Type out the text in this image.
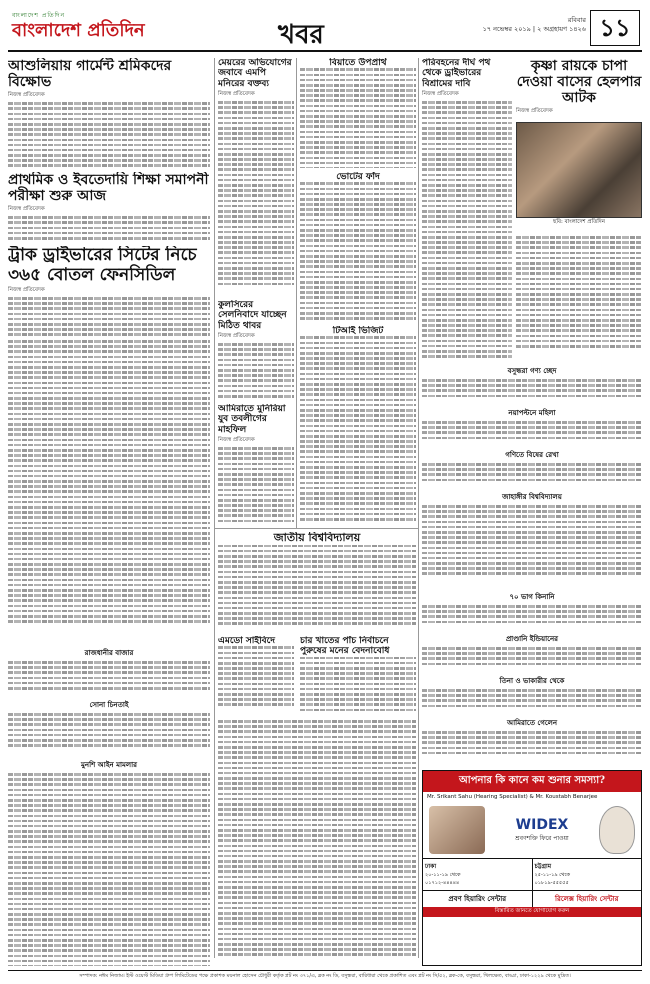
বাংলাদেশ প্রতিদিন
বাংলাদেশ প্রতিদিন	খবর	রবিবার
১৭ নভেম্বর ২০১৯ | ২ অগ্রহায়ণ ১৪২৬ ১১
আশুলিয়ায় গার্মেন্ট শ্রমিকদের বিক্ষোভ
নিজস্ব প্রতিবেদক
প্রাথমিক ও ইবতেদায়ি শিক্ষা সমাপনী পরীক্ষা শুরু আজ
নিজস্ব প্রতিবেদক
ট্রাক ড্রাইভারের সিটের নিচে ৩৬৫ বোতল ফেনসিডিল
নিজস্ব প্রতিবেদক
রাজধানীর বাজার
সোনা চিনতাই
মুনশি আইন মামলার
মেয়রের অভিযোগের জবাবে এমপি মনিরের বক্তব্য
নিজস্ব প্রতিবেদক
কুলসিরের সেলনিবাদে যাচ্ছেন মিঠিত থাবর
নিজস্ব প্রতিবেদক
আমিরাতে মুনিরিয়া যুব তবলীগের মাহফিল
নিজস্ব প্রতিবেদক
বিয়াতে উপপ্রার্থ
ভোটের ফাঁদ
টিআই ভিজিট
জাতীয় বিশ্ববিদ্যালয়
এমডো সাইবিদে	চার খাতের পাঁচ নির্বাচনে পুরুষের মনের বেদনাবোধ
পরিবহনের দীর্ঘ পথ থেকে ড্রাইভারের বিশ্রামের দাবি
নিজস্ব প্রতিবেদক
কৃষ্ণা রায়কে চাপা দেওয়া বাসের হেলপার আটক
নিজস্ব প্রতিবেদক
ছবি: বাংলাদেশ প্রতিদিন
বসুন্ধরা গণ্য চ্ছেদ
নয়াপল্টনে মহিলা
গণিতে বিষের রেখা
জাহাঙ্গীর বিশ্ববিদ্যালয়
৭০ ভাগ কিনানি
প্রাণ্ডানি ইন্ডিয়ানের
তিনা ও ভাকারীর থেকে
আমিরাতে গেলেন
আপনার কি কানে কম শুনার সমস্যা?
Mr. Srikant Sahu (Hearing Specialist) & Mr. Koustabh Benarjee
WIDEX
শ্রবণশক্তি ফিরে পাওয়া
ঢাকা
২০-১১-১৯ থেকে
০১৭১২-৪৪৪৪৪
চট্টগ্রাম
২৫-১১-১৯ থেকে
০১৮১৯-৫৫৫৫৫
প্রবণ হিয়ারিং সেন্টার	রিলেক্স হিয়ারিং সেন্টার
বিস্তারিত জানতে যোগাযোগ করুন
সম্পাদক: নঈম নিজাম। ইস্ট ওয়েস্ট মিডিয়া গ্রুপ লিমিটেডের পক্ষে প্রকাশক ময়নাল হোসেন চৌধুরী কর্তৃক প্লট নং ৩৭১/এ, ব্লক নং ডি, বসুন্ধরা, বারিধারা থেকে প্রকাশিত এবং প্লট নং সি/৫২, ব্লক-কে, বসুন্ধরা, খিলক্ষেত, বাড্ডা, ঢাকা-১২২৯ থেকে মুদ্রিত।
